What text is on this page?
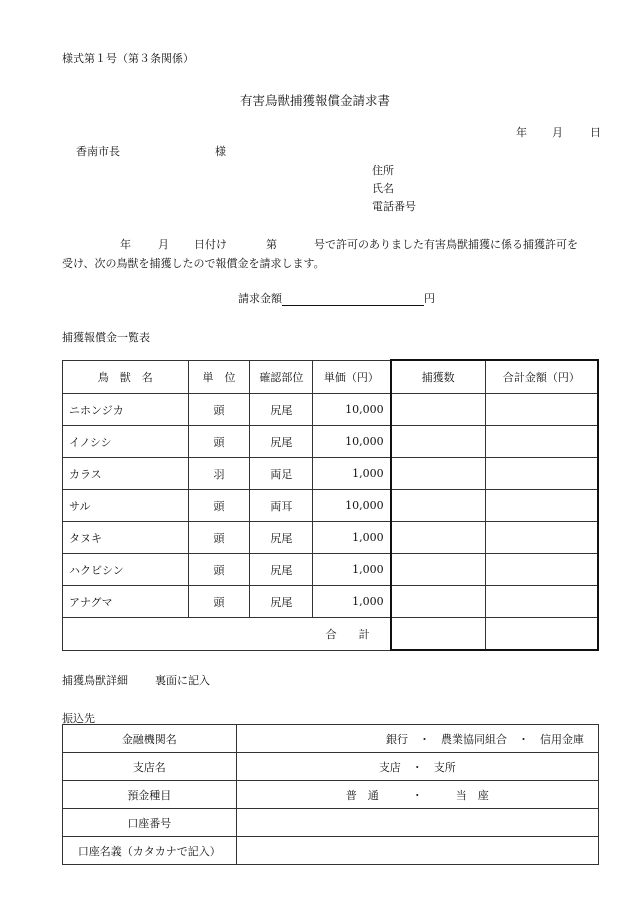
様式第１号（第３条関係）
有害鳥獣捕獲報償金請求書
年 月 日
香南市長	様
住所
氏名
電話番号
年 月 日付け	第	号で許可のありました有害鳥獣捕獲に係る捕獲許可を
受け、次の鳥獣を捕獲したので報償金を請求します。
請求金額	円
捕獲報償金一覧表
鳥　獣　名	単　位	確認部位	単価（円）	捕獲数	合計金額（円）
ニホンジカ	頭	尻尾	10,000		
イノシシ	頭	尻尾	10,000		
カラス	羽	両足	1,000		
サル	頭	両耳	10,000		
タヌキ	頭	尻尾	1,000		
ハクビシン	頭	尻尾	1,000		
アナグマ	頭	尻尾	1,000		
合　　計					
捕獲鳥獣詳細 裏面に記入
振込先
金融機関名	銀行　・　農業協同組合　・　信用金庫
支店名	支店　・　支所
預金種目	普　通　　　・　　　当　座
口座番号	
口座名義（カタカナで記入）	
